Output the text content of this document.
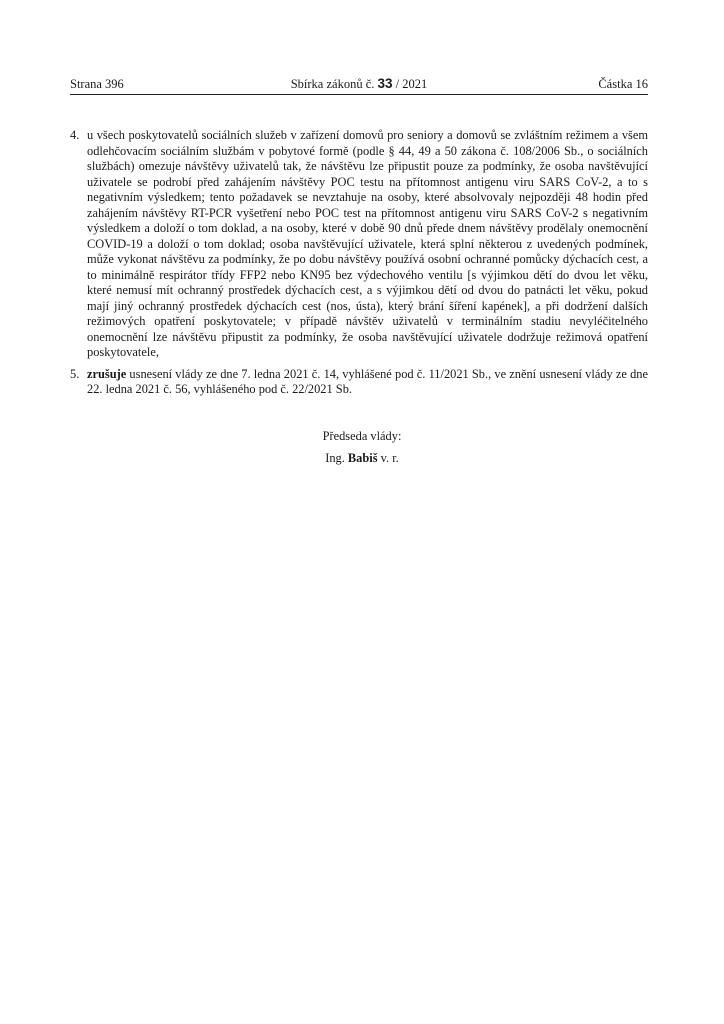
Strana 396	Sbírka zákonů č. 33 / 2021	Částka 16
4. u všech poskytovatelů sociálních služeb v zařízení domovů pro seniory a domovů se zvláštním režimem a všem odlehčovacím sociálním službám v pobytové formě (podle § 44, 49 a 50 zákona č. 108/2006 Sb., o sociálních službách) omezuje návštěvy uživatelů tak, že návštěvu lze připustit pouze za podmínky, že osoba navštěvující uživatele se podrobí před zahájením návštěvy POC testu na přítomnost antigenu viru SARS CoV-2, a to s negativním výsledkem; tento požadavek se nevztahuje na osoby, které absolvovaly nejpozději 48 hodin před zahájením návštěvy RT-PCR vyšetření nebo POC test na přítomnost antigenu viru SARS CoV-2 s negativním výsledkem a doloží o tom doklad, a na osoby, které v době 90 dnů přede dnem návštěvy prodělaly onemocnění COVID-19 a doloží o tom doklad; osoba navštěvující uživatele, která splní některou z uvedených podmínek, může vykonat návštěvu za podmínky, že po dobu návštěvy používá osobní ochranné pomůcky dýchacích cest, a to minimálně respirátor třídy FFP2 nebo KN95 bez výdechového ventilu [s výjimkou dětí do dvou let věku, které nemusí mít ochranný prostředek dýchacích cest, a s výjimkou dětí od dvou do patnácti let věku, pokud mají jiný ochranný prostředek dýchacích cest (nos, ústa), který brání šíření kapének], a při dodržení dalších režimových opatření poskytovatele; v případě návštěv uživatelů v terminálním stadiu nevyléčitelného onemocnění lze návštěvu připustit za podmínky, že osoba navštěvující uživatele dodržuje režimová opatření poskytovatele,
5. zrušuje usnesení vlády ze dne 7. ledna 2021 č. 14, vyhlášené pod č. 11/2021 Sb., ve znění usnesení vlády ze dne 22. ledna 2021 č. 56, vyhlášeného pod č. 22/2021 Sb.
Předseda vlády:
Ing. Babiš v. r.
